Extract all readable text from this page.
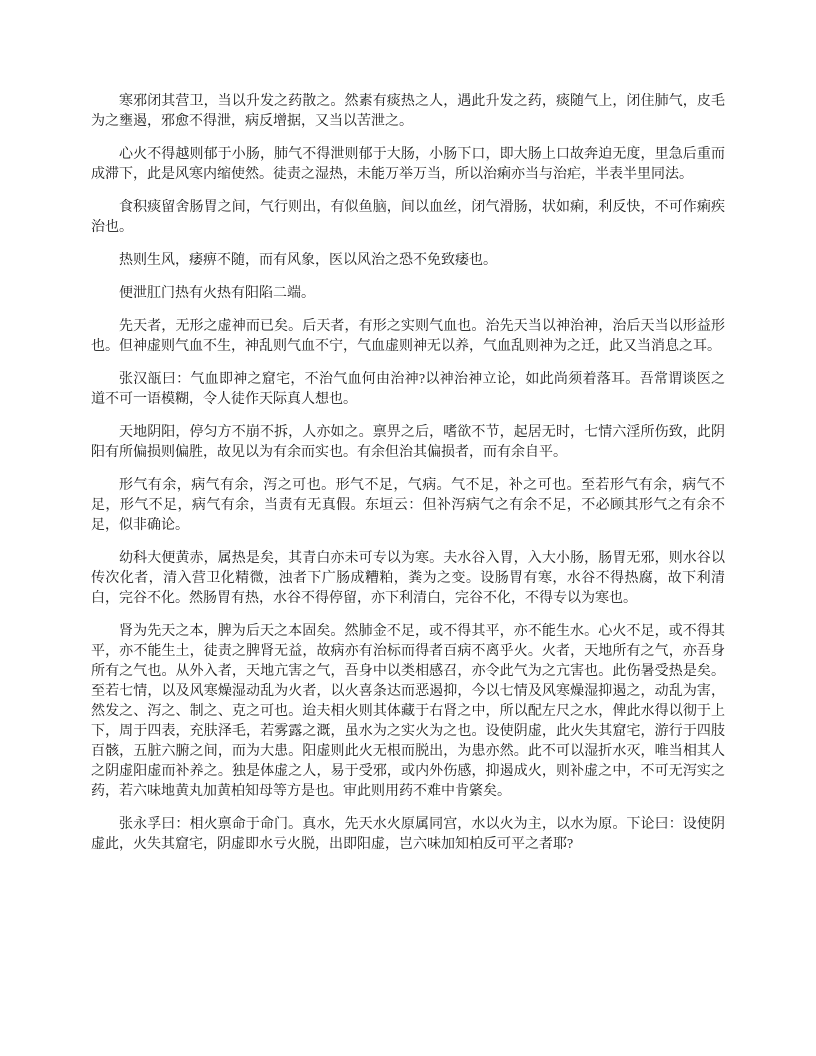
寒邪闭其营卫，当以升发之药散之。然素有痰热之人，遇此升发之药，痰随气上，闭住肺气，皮毛为之壅遏，邪愈不得泄，病反增据，又当以苦泄之。

心火不得越则郁于小肠，肺气不得泄则郁于大肠，小肠下口，即大肠上口故奔迫无度，里急后重而成滞下，此是风寒内缩使然。徒责之湿热，未能万举万当，所以治痢亦当与治疟，半表半里同法。

食积痰留舍肠胃之间，气行则出，有似鱼脑，间以血丝，闭气滑肠，状如痢，利反快，不可作痢疾治也。

热则生风，痿痹不随，而有风象，医以风治之恐不免致痿也。

便泄肛门热有火热有阳陷二端。

先天者，无形之虚神而已矣。后天者，有形之实则气血也。治先天当以神治神，治后天当以形益形也。但神虚则气血不生，神乱则气血不宁，气血虚则神无以养，气血乱则神为之迁，此又当消息之耳。

张汉瓿曰：气血即神之窟宅，不治气血何由治神?以神治神立论，如此尚须着落耳。吾常谓谈医之道不可一语模糊，令人徒作天际真人想也。

天地阴阳，停匀方不崩不拆，人亦如之。禀畀之后，嗜欲不节，起居无时，七情六淫所伤致，此阴阳有所偏损则偏胜，故见以为有余而实也。有余但治其偏损者，而有余自平。

形气有余，病气有余，泻之可也。形气不足，气病。气不足，补之可也。至若形气有余，病气不足，形气不足，病气有余，当责有无真假。东垣云：但补泻病气之有余不足，不必顾其形气之有余不足，似非确论。

幼科大便黄赤，属热是矣，其青白亦未可专以为寒。夫水谷入胃，入大小肠，肠胃无邪，则水谷以传次化者，清入营卫化精微，浊者下广肠成糟粕，粪为之变。设肠胃有寒，水谷不得热腐，故下利清白，完谷不化。然肠胃有热，水谷不得停留，亦下利清白，完谷不化，不得专以为寒也。

肾为先天之本，脾为后天之本固矣。然肺金不足，或不得其平，亦不能生水。心火不足，或不得其平，亦不能生土，徒责之脾肾无益，故病亦有治标而得者百病不离乎火。火者，天地所有之气，亦吾身所有之气也。从外入者，天地亢害之气，吾身中以类相感召，亦令此气为之亢害也。此伤暑受热是矣。至若七情，以及风寒燥湿动乱为火者，以火喜条达而恶遏抑，今以七情及风寒燥湿抑遏之，动乱为害，然发之、泻之、制之、克之可也。迨夫相火则其体藏于右肾之中，所以配左尺之水，俾此水得以彻于上下，周于四表，充肤泽毛，若雾露之溉，虽水为之实火为之也。设使阴虚，此火失其窟宅，游行于四肢百骸，五脏六腑之间，而为大患。阳虚则此火无根而脱出，为患亦然。此不可以湿折水灭，唯当相其人之阴虚阳虚而补养之。独是体虚之人，易于受邪，或内外伤感，抑遏成火，则补虚之中，不可无泻实之药，若六味地黄丸加黄柏知母等方是也。审此则用药不难中肯綮矣。

张永孚曰：相火禀命于命门。真水，先天水火原属同宫，水以火为主，以水为原。下论曰：设使阴虚此，火失其窟宅，阴虚即水亏火脱，出即阳虚，岂六味加知柏反可平之者耶?
